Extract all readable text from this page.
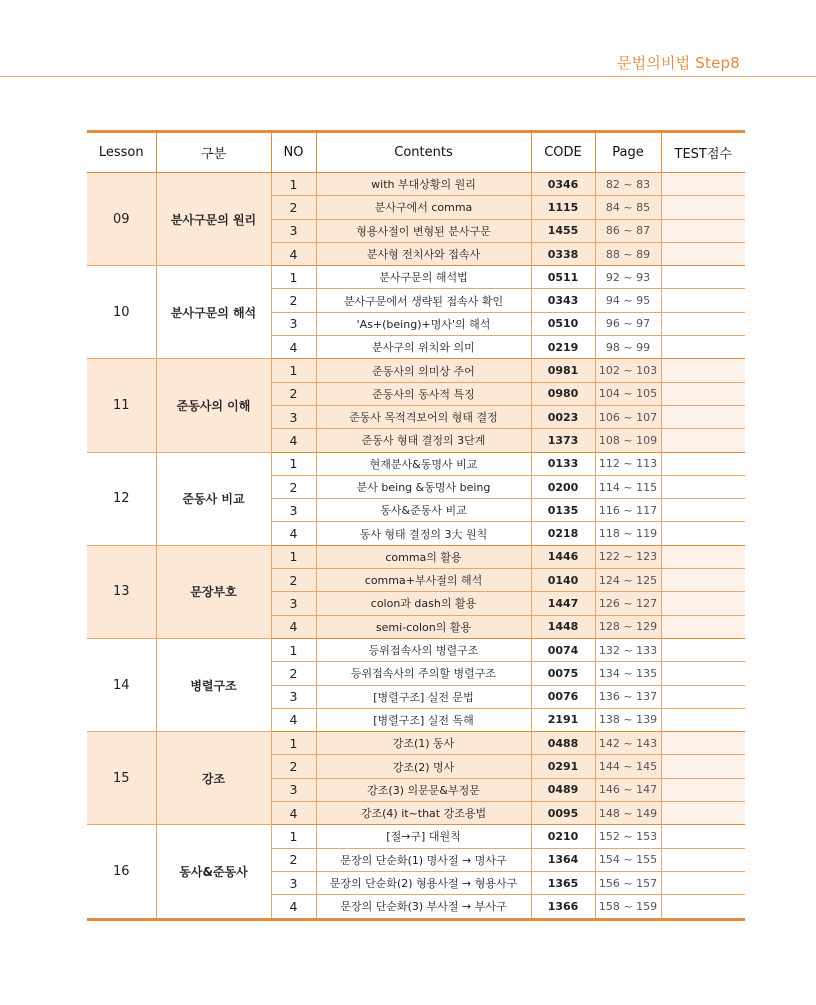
문법의비법 Step8
Lesson	구분	NO	Contents	CODE	Page	TEST점수
09	분사구문의 원리	1	with 부대상황의 원리	0346	82 ~ 83	
		2	분사구에서 comma	1115	84 ~ 85	
		3	형용사절이 변형된 분사구문	1455	86 ~ 87	
		4	분사형 전치사와 접속사	0338	88 ~ 89	
10	분사구문의 해석	1	분사구문의 해석법	0511	92 ~ 93	
		2	분사구문에서 생략된 접속사 확인	0343	94 ~ 95	
		3	'As+(being)+명사'의 해석	0510	96 ~ 97	
		4	분사구의 위치와 의미	0219	98 ~ 99	
11	준동사의 이해	1	준동사의 의미상 주어	0981	102 ~ 103	
		2	준동사의 동사적 특징	0980	104 ~ 105	
		3	준동사 목적격보어의 형태 결정	0023	106 ~ 107	
		4	준동사 형태 결정의 3단계	1373	108 ~ 109	
12	준동사 비교	1	현재분사&동명사 비교	0133	112 ~ 113	
		2	분사 being &동명사 being	0200	114 ~ 115	
		3	동사&준동사 비교	0135	116 ~ 117	
		4	동사 형태 결정의 3大 원칙	0218	118 ~ 119	
13	문장부호	1	comma의 활용	1446	122 ~ 123	
		2	comma+부사절의 해석	0140	124 ~ 125	
		3	colon과 dash의 활용	1447	126 ~ 127	
		4	semi-colon의 활용	1448	128 ~ 129	
14	병렬구조	1	등위접속사의 병렬구조	0074	132 ~ 133	
		2	등위접속사의 주의할 병렬구조	0075	134 ~ 135	
		3	[병렬구조] 실전 문법	0076	136 ~ 137	
		4	[병렬구조] 실전 독해	2191	138 ~ 139	
15	강조	1	강조(1) 동사	0488	142 ~ 143	
		2	강조(2) 명사	0291	144 ~ 145	
		3	강조(3) 의문문&부정문	0489	146 ~ 147	
		4	강조(4) it~that 강조용법	0095	148 ~ 149	
16	동사&준동사	1	[절→구] 대원칙	0210	152 ~ 153	
		2	문장의 단순화(1) 명사절 → 명사구	1364	154 ~ 155	
		3	문장의 단순화(2) 형용사절 → 형용사구	1365	156 ~ 157	
		4	문장의 단순화(3) 부사절 → 부사구	1366	158 ~ 159	
